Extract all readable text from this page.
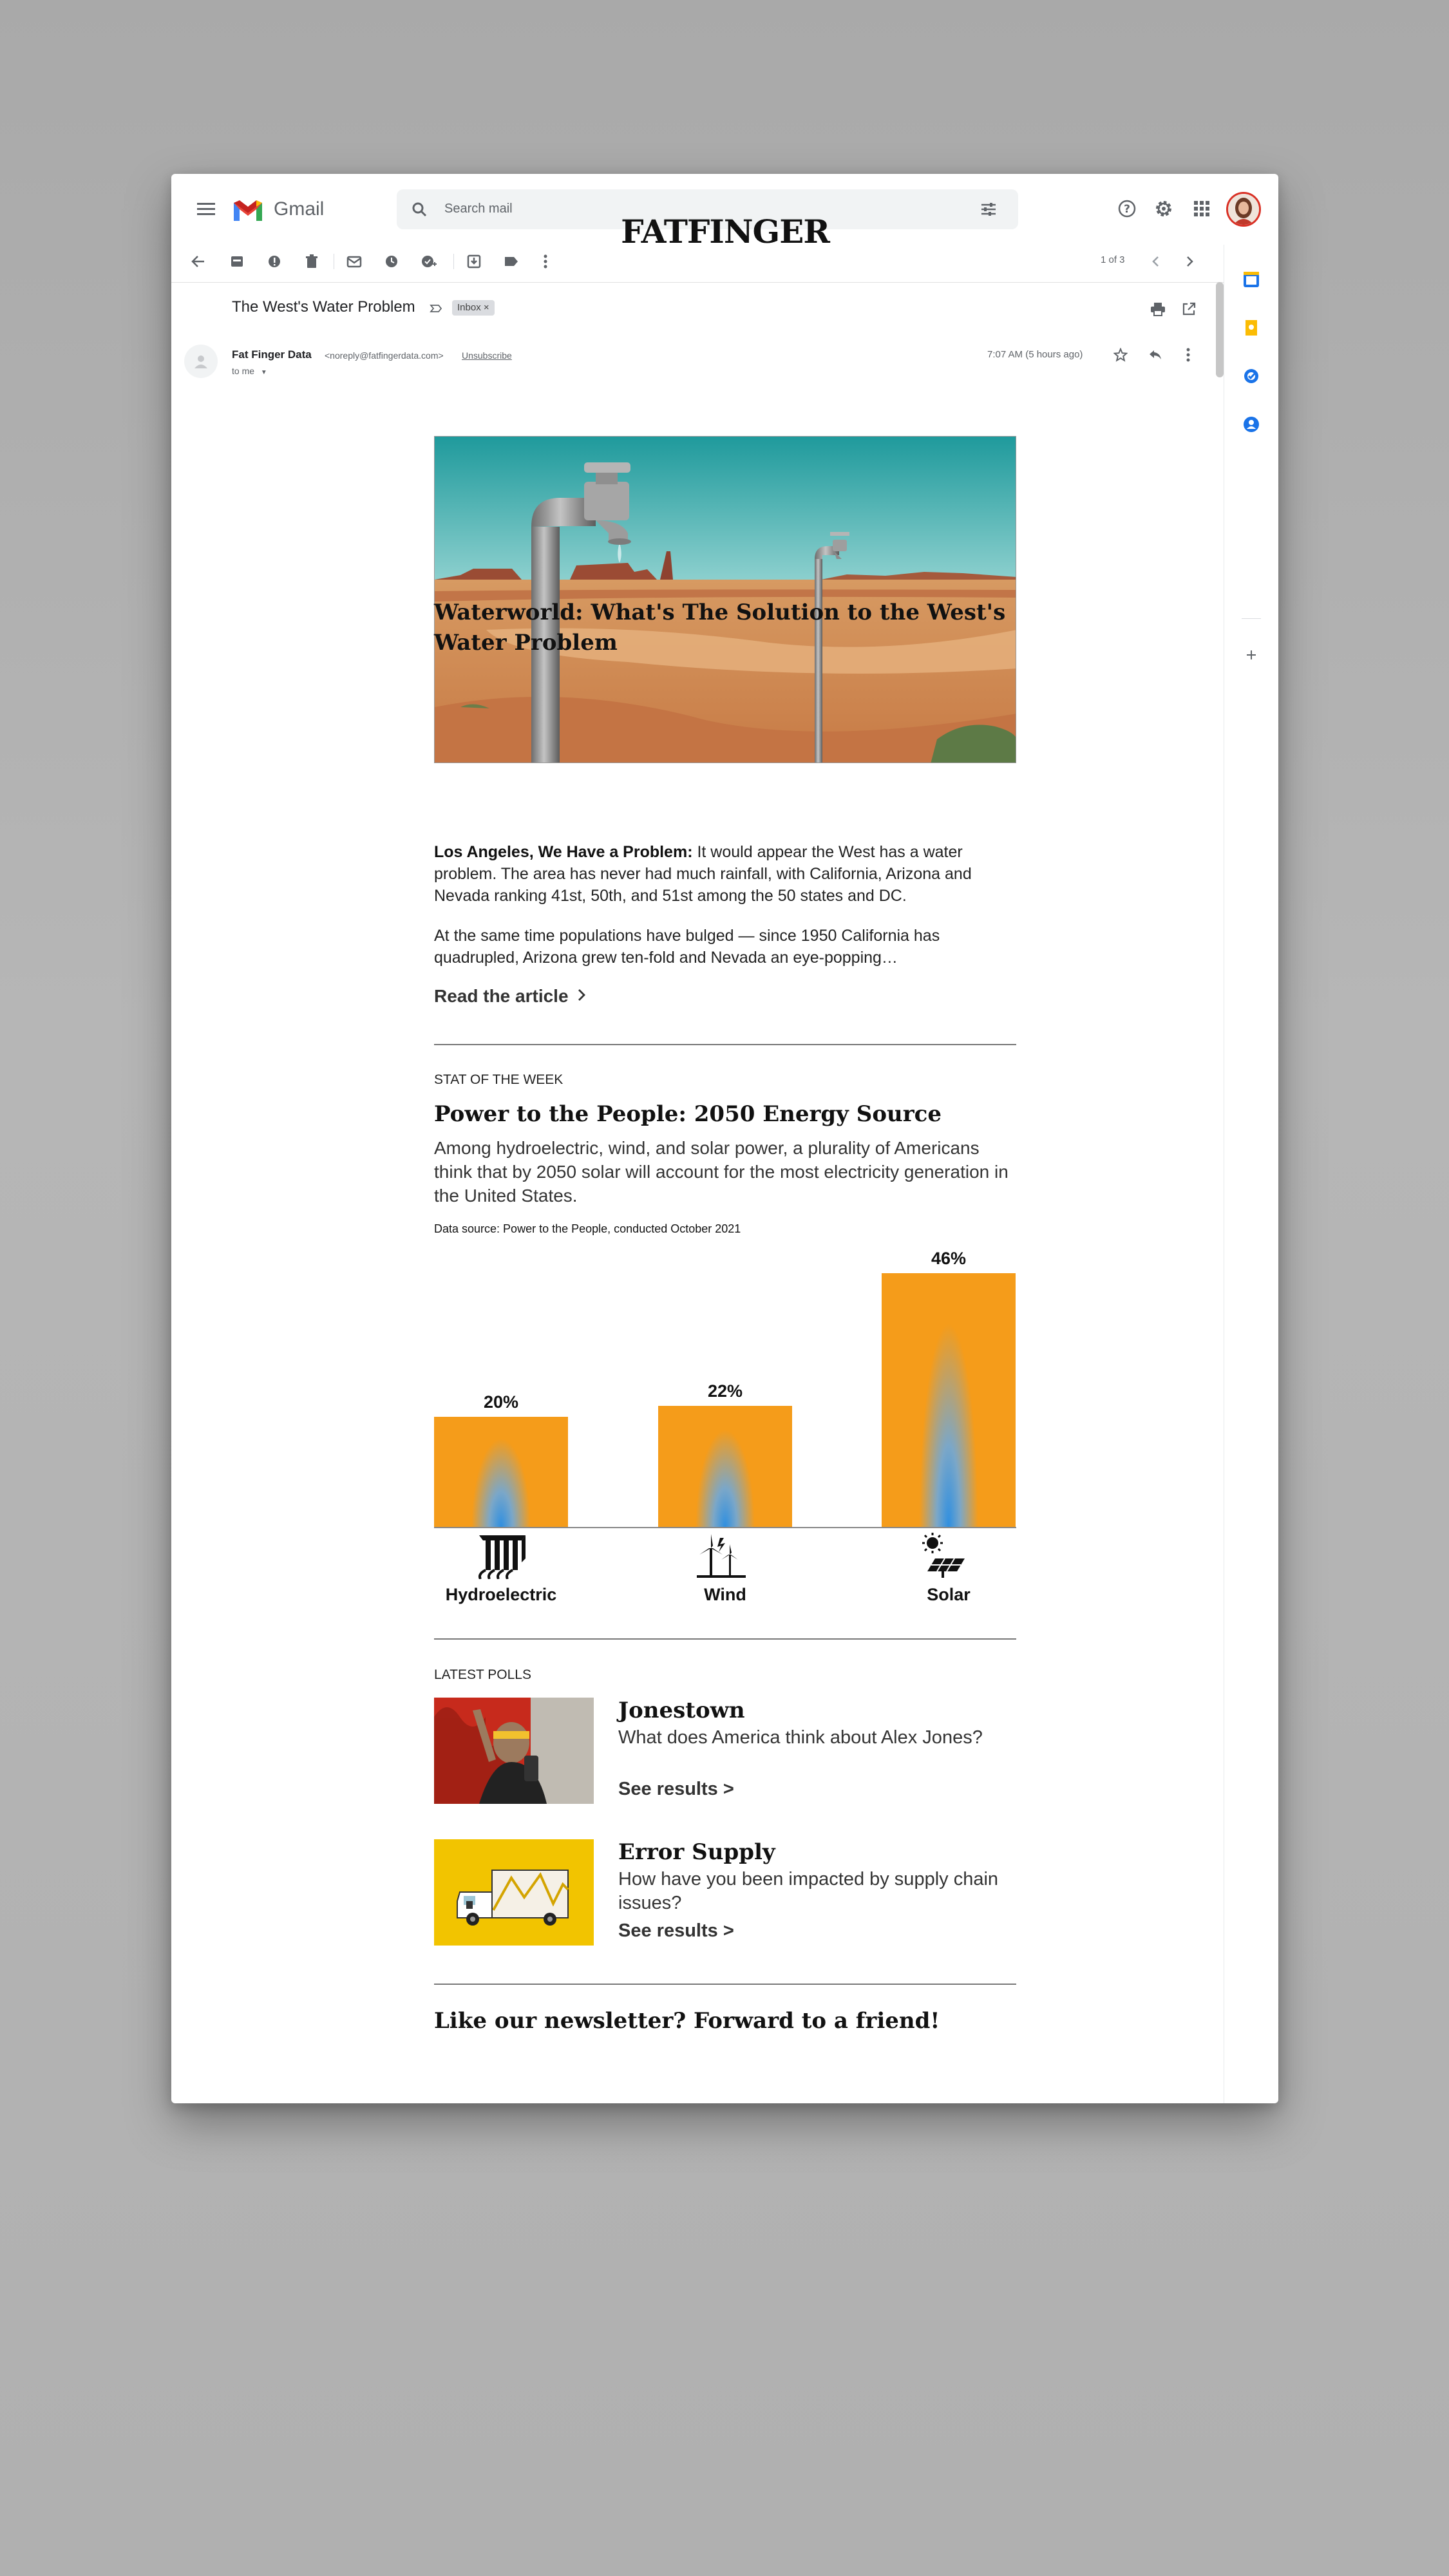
Gmail	Search mail	?
1 of 3
The West's Water Problem	Inbox ×
Fat Finger Data <noreply@fatfingerdata.com> Unsubscribe
to me ▼
7:07 AM (5 hours ago)
FATFINGER
Waterworld: What's The Solution to the West's Water Problem
Los Angeles, We Have a Problem: It would appear the West has a water problem. The area has never had much rainfall, with California, Arizona and Nevada ranking 41st, 50th, and 51st among the 50 states and DC.
At the same time populations have bulged — since 1950 California has quadrupled, Arizona grew ten-fold and Nevada an eye-popping…
Read the article
STAT OF THE WEEK
Power to the People: 2050 Energy Source
Among hydroelectric, wind, and solar power, a plurality of Americans think that by 2050 solar will account for the most electricity generation in the United States.
Data source: Power to the People, conducted October 2021
LATEST POLLS
Jonestown
What does America think about Alex Jones?
See results >
Error Supply
How have you been impacted by supply chain issues?
See results >
Like our newsletter? Forward to a friend!
20%
Hydroelectric
22%
Wind
46%
Solar
